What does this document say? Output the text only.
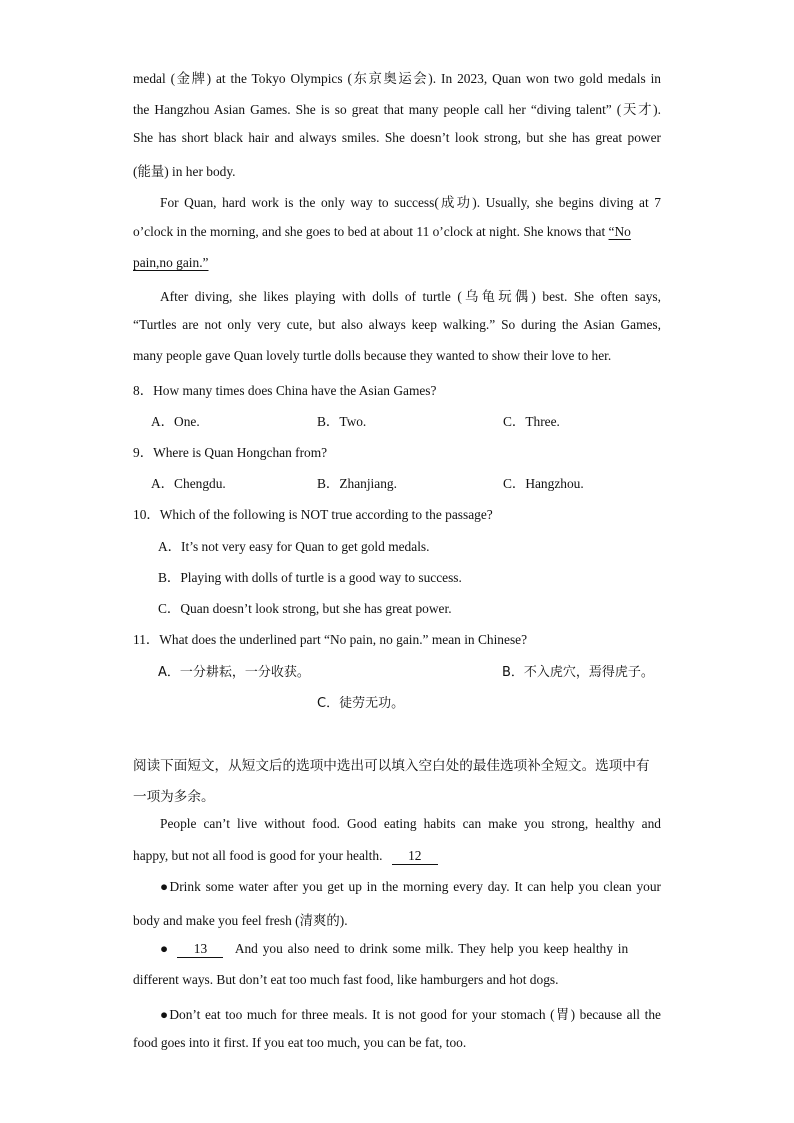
medal (金牌) at the Tokyo Olympics (东京奥运会). In 2023, Quan won two gold medals in
the Hangzhou Asian Games. She is so great that many people call her “diving talent” (天才).
She has short black hair and always smiles. She doesn’t look strong, but she has great power
(能量) in her body.
For Quan, hard work is the only way to success(成功). Usually, she begins diving at 7
o’clock in the morning, and she goes to bed at about 11 o’clock at night. She knows that “No
pain,no gain.”
After diving, she likes playing with dolls of turtle (乌龟玩偶) best. She often says,
“Turtles are not only very cute, but also always keep walking.” So during the Asian Games,
many people gave Quan lovely turtle dolls because they wanted to show their love to her.
8．How many times does China have the Asian Games?
A．One.	B．Two.	C．Three.
9．Where is Quan Hongchan from?
A．Chengdu.	B．Zhanjiang.	C．Hangzhou.
10．Which of the following is NOT true according to the passage?
A．It’s not very easy for Quan to get gold medals.
B．Playing with dolls of turtle is a good way to success.
C．Quan doesn’t look strong, but she has great power.
11．What does the underlined part “No pain, no gain.” mean in Chinese?
A．一分耕耘，一分收获。	B．不入虎穴，焉得虎子。
C．徒劳无功。
阅读下面短文，从短文后的选项中选出可以填入空白处的最佳选项补全短文。选项中有
一项为多余。
People can’t live without food. Good eating habits can make you strong, healthy and
happy, but not all food is good for your health. 12
●Drink some water after you get up in the morning every day. It can help you clean your
body and make you feel fresh (清爽的).
● 13 And you also need to drink some milk. They help you keep healthy in
different ways. But don’t eat too much fast food, like hamburgers and hot dogs.
●Don’t eat too much for three meals. It is not good for your stomach (胃) because all the
food goes into it first. If you eat too much, you can be fat, too.
